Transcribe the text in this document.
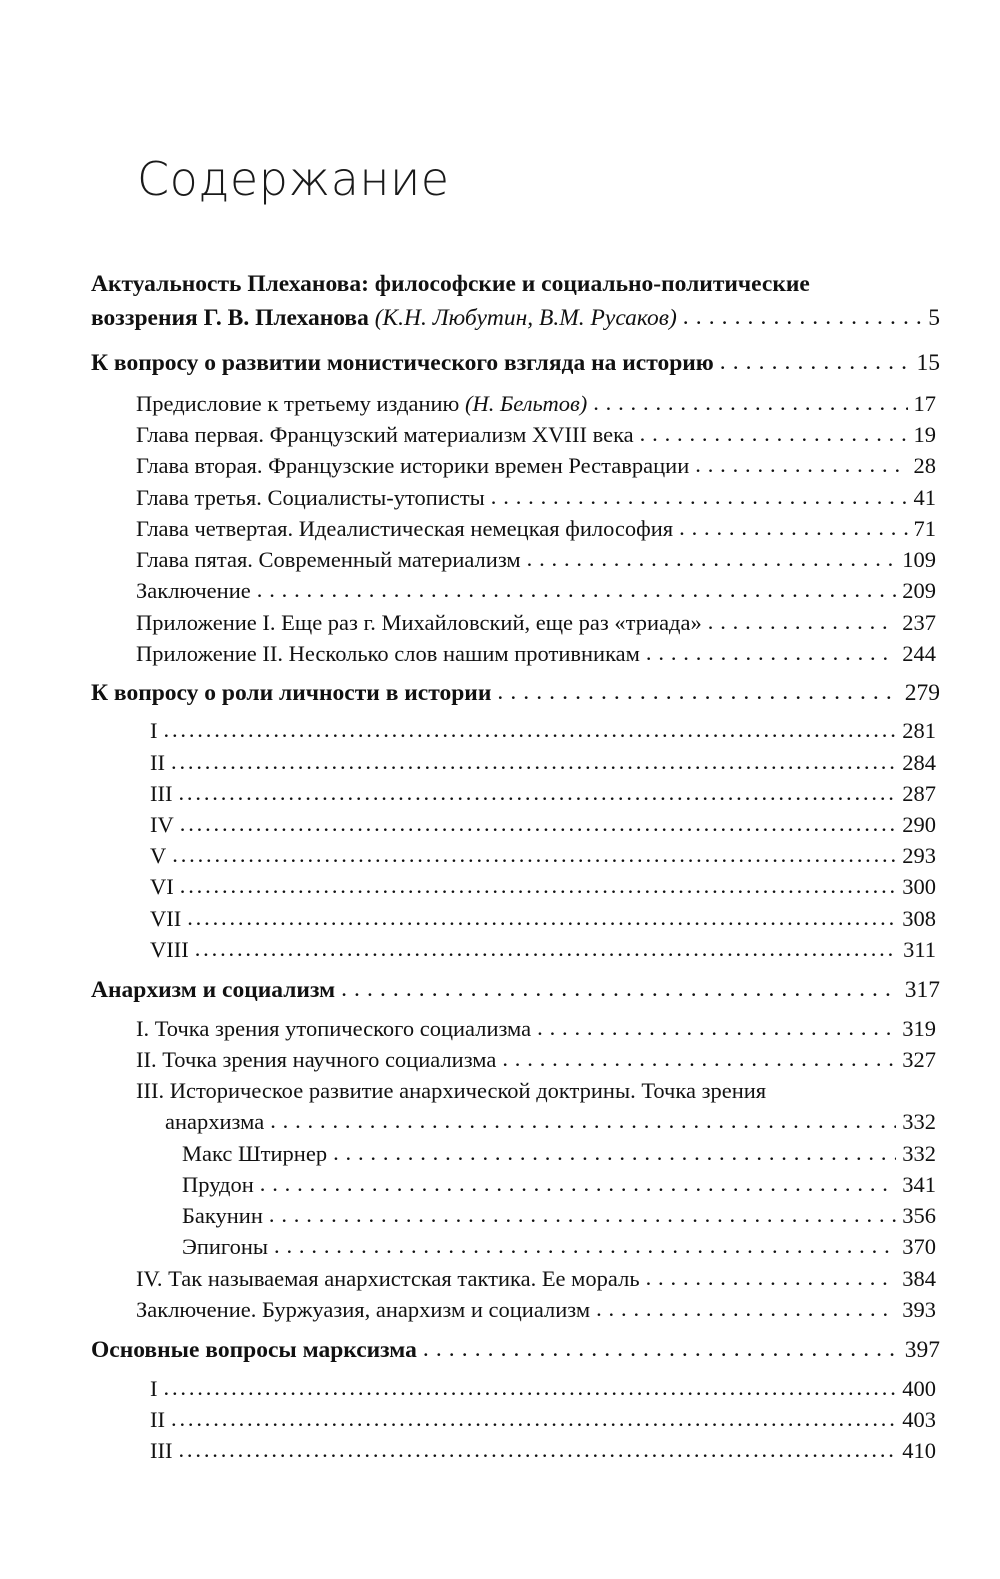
Содержание
Актуальность Плеханова: философские и социально-политические
воззрения Г. В. Плеханова (К.Н. Любутин, В.М. Русаков) . . .	5
К вопросу о развитии монистического взгляда на историю . . .	15
Предисловие к третьему изданию (Н. Бельтов) . . .	17
Глава первая. Французский материализм XVIII века . . .	19
Глава вторая. Французские историки времен Реставрации . . .	28
Глава третья. Социалисты-утописты . . .	41
Глава четвертая. Идеалистическая немецкая философия . . .	71
Глава пятая. Современный материализм . . .	109
Заключение . . .	209
Приложение I. Еще раз г. Михайловский, еще раз «триада» . . .	237
Приложение II. Несколько слов нашим противникам . . .	244
К вопросу о роли личности в истории . . .	279
I . . .	281
II . . .	284
III . . .	287
IV . . .	290
V . . .	293
VI . . .	300
VII . . .	308
VIII . . .	311
Анархизм и социализм . . .	317
I. Точка зрения утопического социализма . . .	319
II. Точка зрения научного социализма . . .	327
III. Историческое развитие анархической доктрины. Точка зрения
анархизма . . .	332
Макс Штирнер . . .	332
Прудон . . .	341
Бакунин . . .	356
Эпигоны . . .	370
IV. Так называемая анархистская тактика. Ее мораль . . .	384
Заключение. Буржуазия, анархизм и социализм . . .	393
Основные вопросы марксизма . . .	397
I . . .	400
II . . .	403
III . . .	410
